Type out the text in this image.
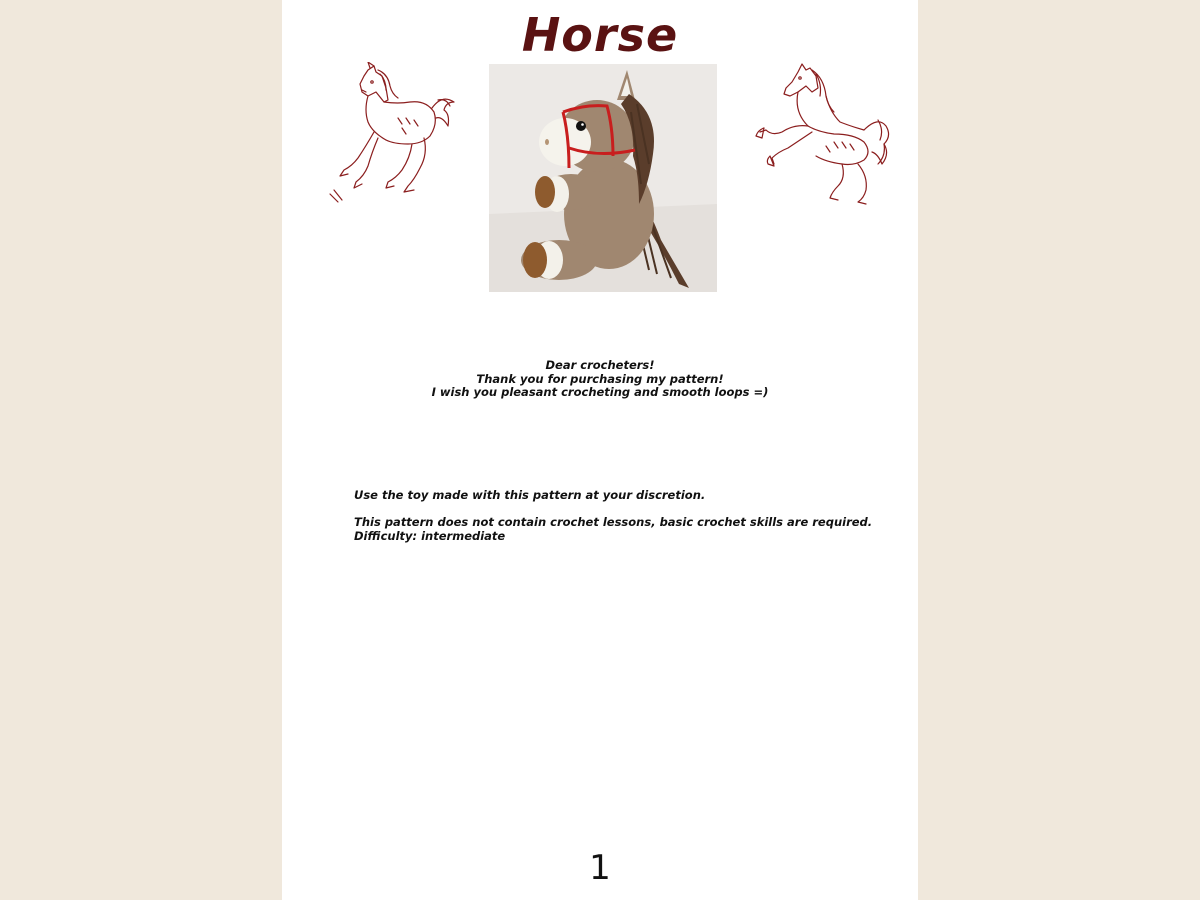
Horse
Dear crocheters!
Thank you for purchasing my pattern!
I wish you pleasant crocheting and smooth loops =)
Use the toy made with this pattern at your discretion.
This pattern does not contain crochet lessons, basic crochet skills are required.
Difficulty: intermediate
1
